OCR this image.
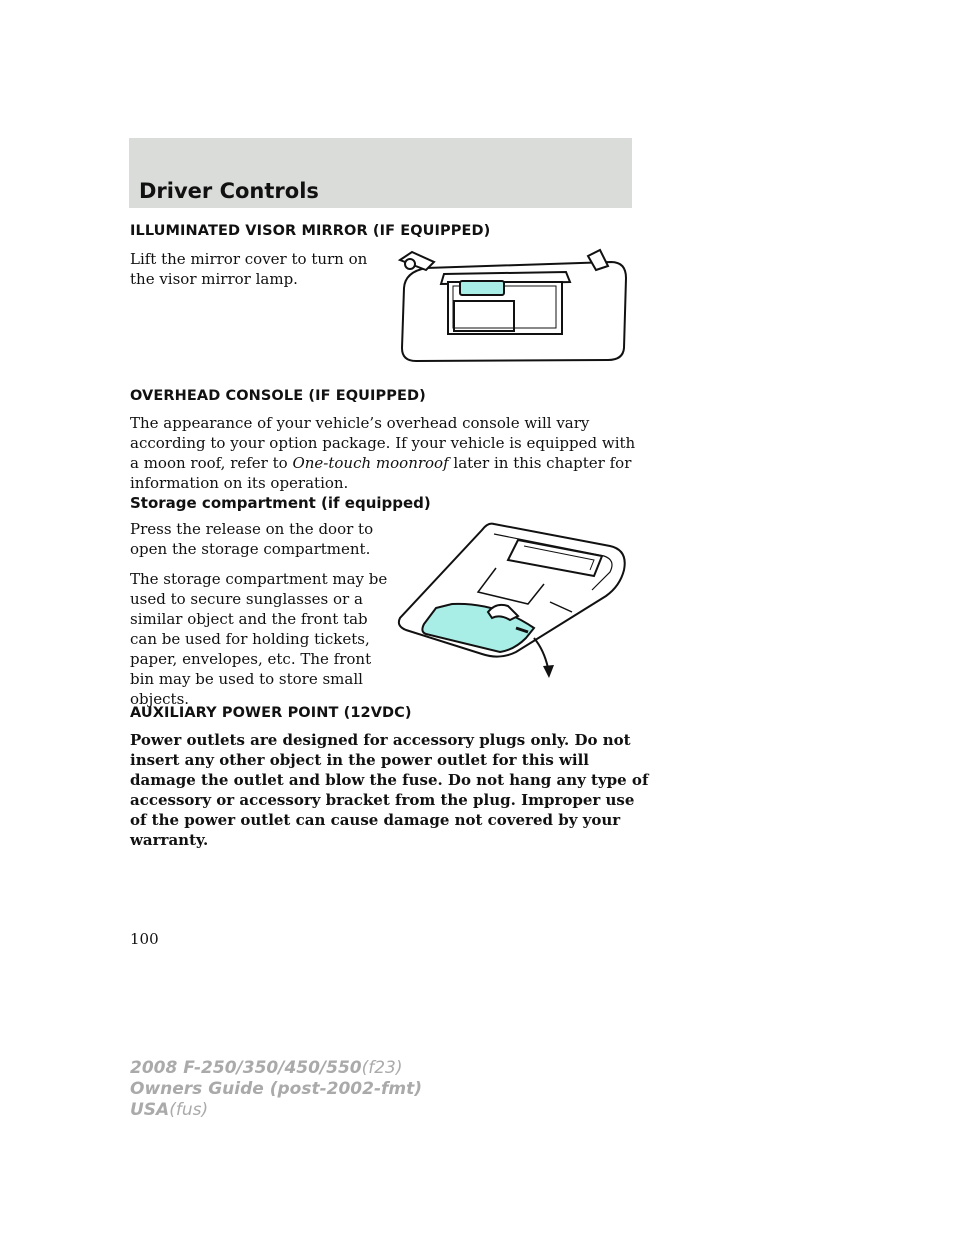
Driver Controls
ILLUMINATED VISOR MIRROR (IF EQUIPPED)

Lift the mirror cover to turn on the visor mirror lamp.

OVERHEAD CONSOLE (IF EQUIPPED)

The appearance of your vehicle’s overhead console will vary according to your option package. If your vehicle is equipped with a moon roof, refer to One-touch moonroof later in this chapter for information on its operation.

Storage compartment (if equipped)

Press the release on the door to open the storage compartment.

The storage compartment may be used to secure sunglasses or a similar object and the front tab can be used for holding tickets, paper, envelopes, etc. The front bin may be used to store small objects.

AUXILIARY POWER POINT (12VDC)

Power outlets are designed for accessory plugs only. Do not insert any other object in the power outlet for this will damage the outlet and blow the fuse. Do not hang any type of accessory or accessory bracket from the plug. Improper use of the power outlet can cause damage not covered by your warranty.

100
2008 F-250/350/450/550(f23)
Owners Guide (post-2002-fmt)
USA(fus)
